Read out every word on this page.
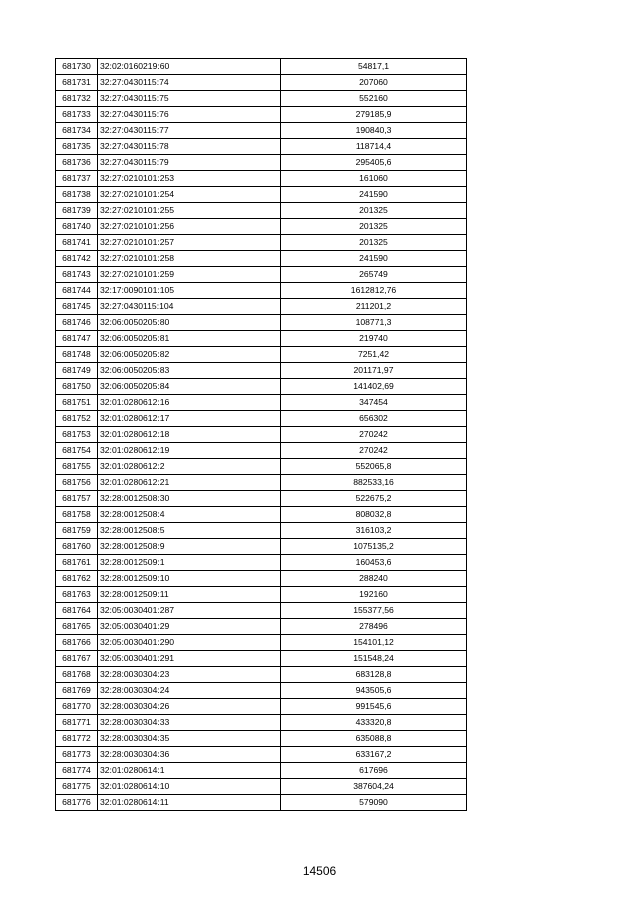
681730	32:02:0160219:60	54817,1
681731	32:27:0430115:74	207060
681732	32:27:0430115:75	552160
681733	32:27:0430115:76	279185,9
681734	32:27:0430115:77	190840,3
681735	32:27:0430115:78	118714,4
681736	32:27:0430115:79	295405,6
681737	32:27:0210101:253	161060
681738	32:27:0210101:254	241590
681739	32:27:0210101:255	201325
681740	32:27:0210101:256	201325
681741	32:27:0210101:257	201325
681742	32:27:0210101:258	241590
681743	32:27:0210101:259	265749
681744	32:17:0090101:105	1612812,76
681745	32:27:0430115:104	211201,2
681746	32:06:0050205:80	108771,3
681747	32:06:0050205:81	219740
681748	32:06:0050205:82	7251,42
681749	32:06:0050205:83	201171,97
681750	32:06:0050205:84	141402,69
681751	32:01:0280612:16	347454
681752	32:01:0280612:17	656302
681753	32:01:0280612:18	270242
681754	32:01:0280612:19	270242
681755	32:01:0280612:2	552065,8
681756	32:01:0280612:21	882533,16
681757	32:28:0012508:30	522675,2
681758	32:28:0012508:4	808032,8
681759	32:28:0012508:5	316103,2
681760	32:28:0012508:9	1075135,2
681761	32:28:0012509:1	160453,6
681762	32:28:0012509:10	288240
681763	32:28:0012509:11	192160
681764	32:05:0030401:287	155377,56
681765	32:05:0030401:29	278496
681766	32:05:0030401:290	154101,12
681767	32:05:0030401:291	151548,24
681768	32:28:0030304:23	683128,8
681769	32:28:0030304:24	943505,6
681770	32:28:0030304:26	991545,6
681771	32:28:0030304:33	433320,8
681772	32:28:0030304:35	635088,8
681773	32:28:0030304:36	633167,2
681774	32:01:0280614:1	617696
681775	32:01:0280614:10	387604,24
681776	32:01:0280614:11	579090
14506
